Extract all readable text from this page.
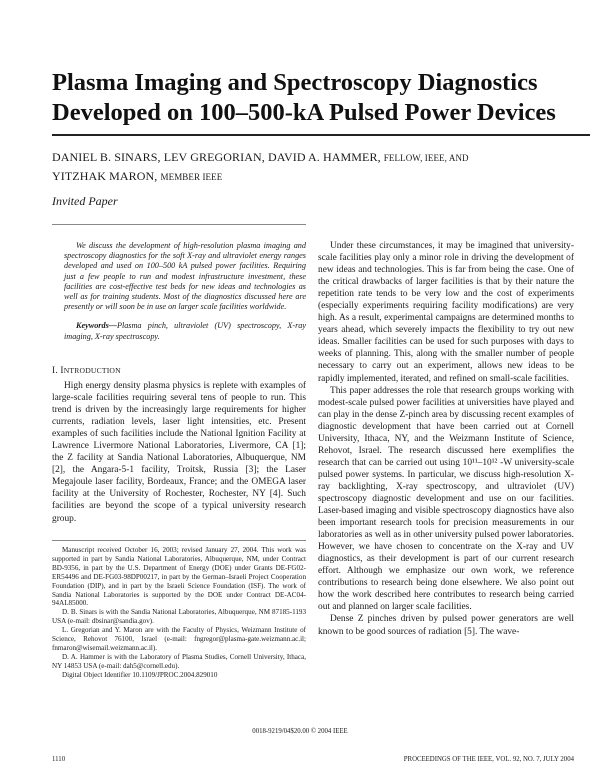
Plasma Imaging and Spectroscopy Diagnostics Developed on 100–500-kA Pulsed Power Devices
DANIEL B. SINARS, LEV GREGORIAN, DAVID A. HAMMER, FELLOW, IEEE, AND
YITZHAK MARON, MEMBER IEEE
Invited Paper

We discuss the development of high-resolution plasma imaging and spectroscopy diagnostics for the soft X-ray and ultraviolet energy ranges developed and used on 100–500 kA pulsed power facilities. Requiring just a few people to run and modest infrastructure investment, these facilities are cost-effective test beds for new ideas and technologies as well as for training students. Most of the diagnostics discussed here are presently or will soon be in use on larger scale facilities worldwide.

Keywords—Plasma pinch, ultraviolet (UV) spectroscopy, X-ray imaging, X-ray spectroscopy.

I. INTRODUCTION

High energy density plasma physics is replete with examples of large-scale facilities requiring several tens of people to run. This trend is driven by the increasingly large requirements for higher currents, radiation levels, laser light intensities, etc. Present examples of such facilities include the National Ignition Facility at Lawrence Livermore National Laboratories, Livermore, CA [1]; the Z facility at Sandia National Laboratories, Albuquerque, NM [2], the Angara-5-1 facility, Troitsk, Russia [3]; the Laser Megajoule laser facility, Bordeaux, France; and the OMEGA laser facility at the University of Rochester, Rochester, NY [4]. Such facilities are beyond the scope of a typical university research group.

Manuscript received October 16, 2003; revised January 27, 2004. This work was supported in part by Sandia National Laboratories, Albuquerque, NM, under Contract BD-9356, in part by the U.S. Department of Energy (DOE) under Grants DE-FG02-ER54496 and DE-FG03-98DP00217, in part by the German–Israeli Project Cooperation Foundation (DIP), and in part by the Israeli Science Foundation (ISF). The work of Sandia National Laboratories is supported by the DOE under Contract DE-AC04-94AL85000.

D. B. Sinars is with the Sandia National Laboratories, Albuquerque, NM 87185-1193 USA (e-mail: dbsinar@sandia.gov).

L. Gregorian and Y. Maron are with the Faculty of Physics, Weizmann Institute of Science, Rehovot 76100, Israel (e-mail: fngregor@plasma-gate.weizmann.ac.il; fnmaron@wisemail.weizmann.ac.il).

D. A. Hammer is with the Laboratory of Plasma Studies, Cornell University, Ithaca, NY 14853 USA (e-mail: dah5@cornell.edu).

Digital Object Identifier 10.1109/JPROC.2004.829010

Under these circumstances, it may be imagined that university-scale facilities play only a minor role in driving the development of new ideas and technologies. This is far from being the case. One of the critical drawbacks of larger facilities is that by their nature the repetition rate tends to be very low and the cost of experiments (especially experiments requiring facility modifications) are very high. As a result, experimental campaigns are determined months to years ahead, which severely impacts the flexibility to try out new ideas. Smaller facilities can be used for such purposes with days to weeks of planning. This, along with the smaller number of people necessary to carry out an experiment, allows new ideas to be rapidly implemented, iterated, and refined on small-scale facilities.

This paper addresses the role that research groups working with modest-scale pulsed power facilities at universities have played and can play in the dense Z-pinch area by discussing recent examples of diagnostic development that have been carried out at Cornell University, Ithaca, NY, and the Weizmann Institute of Science, Rehovot, Israel. The research discussed here exemplifies the research that can be carried out using 10¹¹–10¹² -W university-scale pulsed power systems. In particular, we discuss high-resolution X-ray backlighting, X-ray spectroscopy, and ultraviolet (UV) spectroscopy diagnostic development and use on our facilities. Laser-based imaging and visible spectroscopy diagnostics have also been important research tools for precision measurements in our laboratories as well as in other university pulsed power laboratories. However, we have chosen to concentrate on the X-ray and UV diagnostics, as their development is part of our current research effort. Although we emphasize our own work, we reference contributions to research being done elsewhere. We also point out how the work described here contributes to research being carried out and planned on larger scale facilities.

Dense Z pinches driven by pulsed power generators are well known to be good sources of radiation [5]. The wave-

0018-9219/04$20.00 © 2004 IEEE
1110	PROCEEDINGS OF THE IEEE, VOL. 92, NO. 7, JULY 2004
